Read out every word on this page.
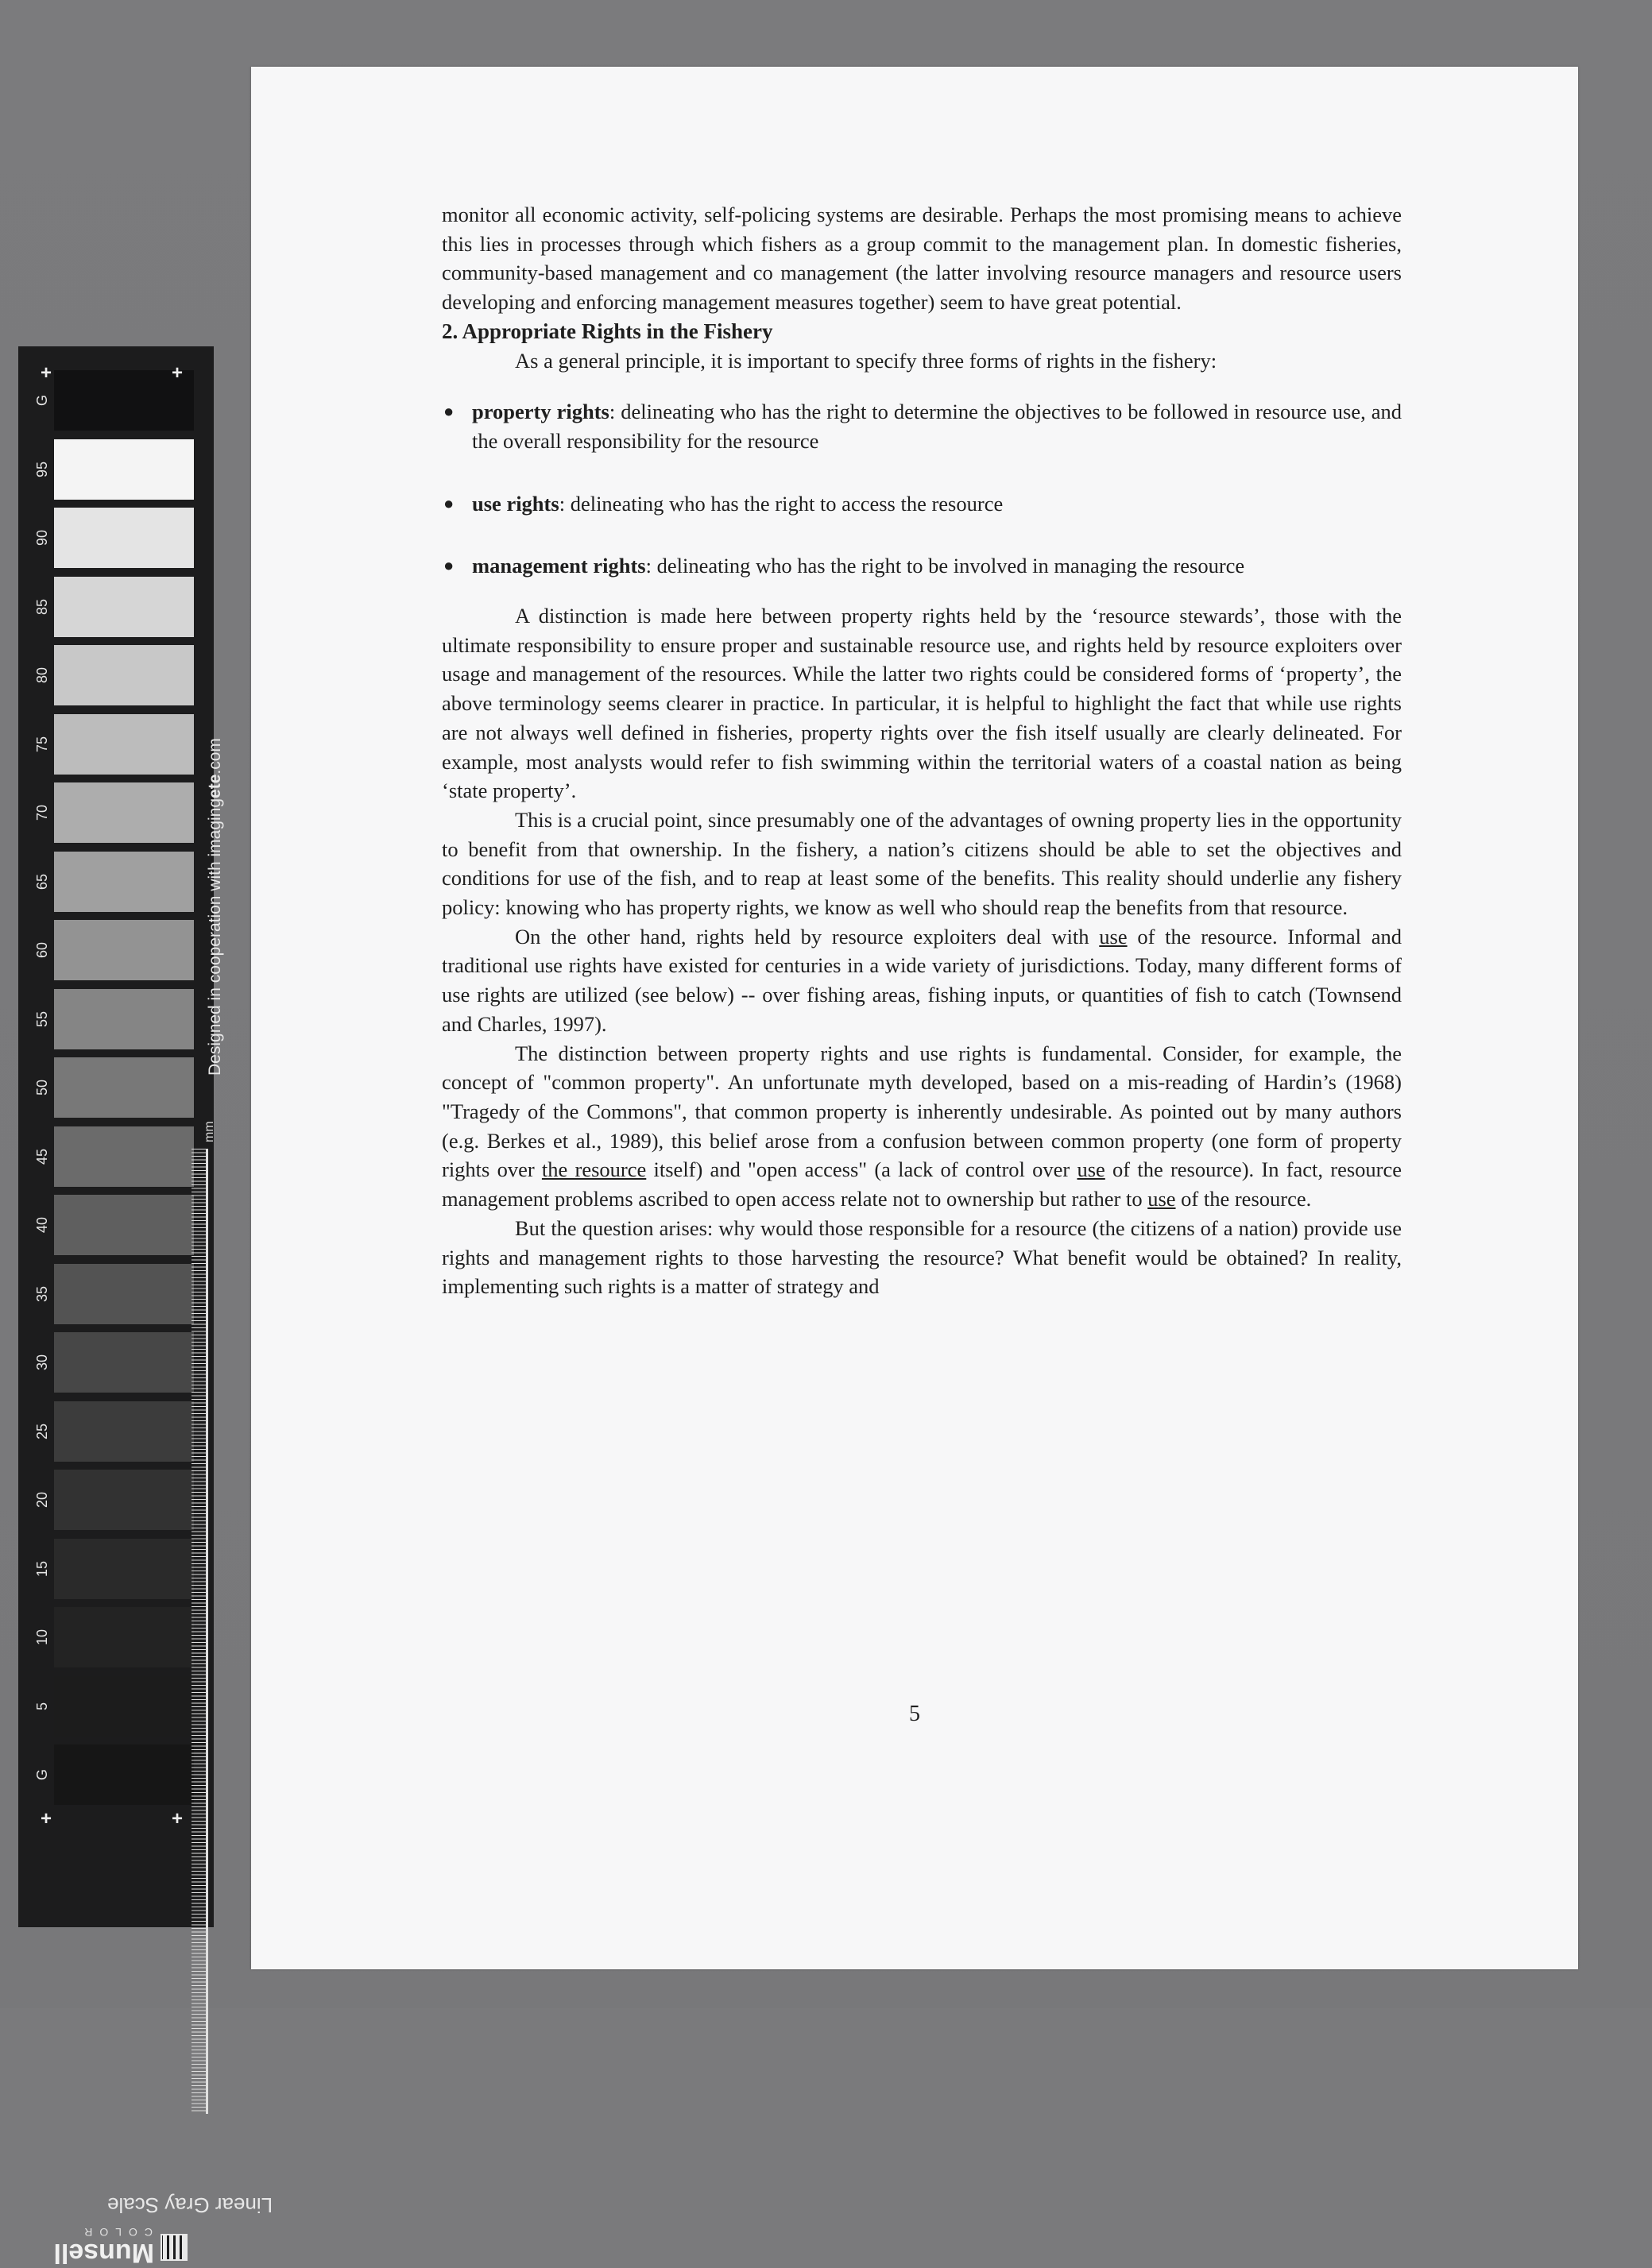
G
95
90
85
80
75
70
65
60
55
50
45
40
35
30
25
20
15
10
5
G
+	+
+	+
Designed in cooperation with imagingete.com
mm
Linear Gray Scale
Munsell
COLOR

monitor all economic activity, self-policing systems are desirable. Perhaps the most promising means to achieve this lies in processes through which fishers as a group commit to the management plan. In domestic fisheries, community-based management and co management (the latter involving resource managers and resource users developing and enforcing management measures together) seem to have great potential.

2. Appropriate Rights in the Fishery

As a general principle, it is important to specify three forms of rights in the fishery:

● property rights: delineating who has the right to determine the objectives to be followed in resource use, and the overall responsibility for the resource
● use rights: delineating who has the right to access the resource
● management rights: delineating who has the right to be involved in managing the resource

A distinction is made here between property rights held by the ‘resource stewards’, those with the ultimate responsibility to ensure proper and sustainable resource use, and rights held by resource exploiters over usage and management of the resources. While the latter two rights could be considered forms of ‘property’, the above terminology seems clearer in practice. In particular, it is helpful to highlight the fact that while use rights are not always well defined in fisheries, property rights over the fish itself usually are clearly delineated. For example, most analysts would refer to fish swimming within the territorial waters of a coastal nation as being ‘state property’.

This is a crucial point, since presumably one of the advantages of owning property lies in the opportunity to benefit from that ownership. In the fishery, a nation’s citizens should be able to set the objectives and conditions for use of the fish, and to reap at least some of the benefits. This reality should underlie any fishery policy: knowing who has property rights, we know as well who should reap the benefits from that resource.

On the other hand, rights held by resource exploiters deal with use of the resource. Informal and traditional use rights have existed for centuries in a wide variety of jurisdictions. Today, many different forms of use rights are utilized (see below) -- over fishing areas, fishing inputs, or quantities of fish to catch (Townsend and Charles, 1997).

The distinction between property rights and use rights is fundamental. Consider, for example, the concept of "common property". An unfortunate myth developed, based on a mis-reading of Hardin’s (1968) "Tragedy of the Commons", that common property is inherently undesirable. As pointed out by many authors (e.g. Berkes et al., 1989), this belief arose from a confusion between common property (one form of property rights over the resource itself) and "open access" (a lack of control over use of the resource). In fact, resource management problems ascribed to open access relate not to ownership but rather to use of the resource.

But the question arises: why would those responsible for a resource (the citizens of a nation) provide use rights and management rights to those harvesting the resource? What benefit would be obtained? In reality, implementing such rights is a matter of strategy and

5
